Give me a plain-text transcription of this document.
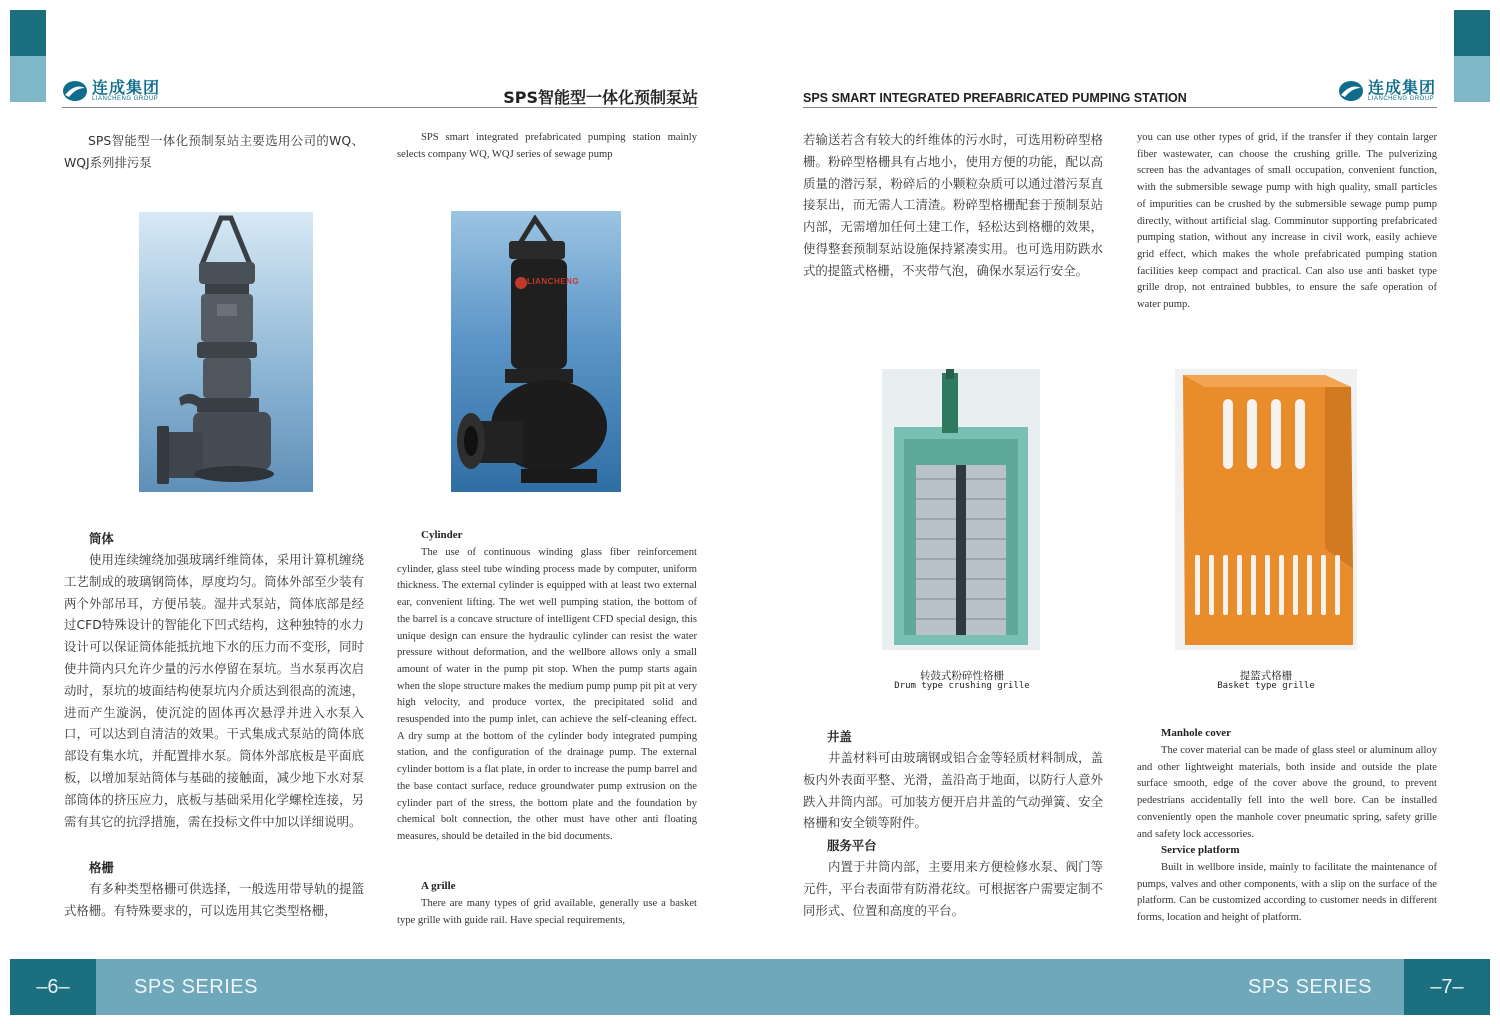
连成集团
LIANCHENG GROUP	SPS智能型一体化预制泵站	SPS SMART INTEGRATED PREFABRICATED PUMPING STATION
连成集团
LIANCHENG GROUP
SPS智能型一体化预制泵站主要选用公司的WQ、WQJ系列排污泵
SPS smart integrated prefabricated pumping station mainly selects company WQ, WQJ series of sewage pump
LIANCHENG
筒体
使用连续缠绕加强玻璃纤维筒体，采用计算机缠绕工艺制成的玻璃钢筒体，厚度均匀。筒体外部至少装有两个外部吊耳，方便吊装。湿井式泵站，筒体底部是经过CFD特殊设计的智能化下凹式结构，这种独特的水力设计可以保证筒体能抵抗地下水的压力而不变形，同时使井筒内只允许少量的污水停留在泵坑。当水泵再次启动时，泵坑的坡面结构使泵坑内介质达到很高的流速，进而产生漩涡，使沉淀的固体再次悬浮并进入水泵入口，可以达到自清洁的效果。干式集成式泵站的筒体底部设有集水坑，并配置排水泵。筒体外部底板是平面底板，以增加泵站筒体与基础的接触面，减少地下水对泵部筒体的挤压应力，底板与基础采用化学螺栓连接，另需有其它的抗浮措施，需在投标文件中加以详细说明。
格栅
有多种类型格栅可供选择，一般选用带导轨的提篮式格栅。有特殊要求的，可以选用其它类型格栅，
Cylinder
The use of continuous winding glass fiber reinforcement cylinder, glass steel tube winding process made by computer, uniform thickness. The external cylinder is equipped with at least two external ear, convenient lifting. The wet well pumping station, the bottom of the barrel is a concave structure of intelligent CFD special design, this unique design can ensure the hydraulic cylinder can resist the water pressure without deformation, and the wellbore allows only a small amount of water in the pump pit stop. When the pump starts again when the slope structure makes the medium pump pump pit pit at very high velocity, and produce vortex, the precipitated solid and resuspended into the pump inlet, can achieve the self-cleaning effect. A dry sump at the bottom of the cylinder body integrated pumping station, and the configuration of the drainage pump. The external cylinder bottom is a flat plate, in order to increase the pump barrel and the base contact surface, reduce groundwater pump extrusion on the cylinder part of the stress, the bottom plate and the foundation by chemical bolt connection, the other must have other anti floating measures, should be detailed in the bid documents.
A grille
There are many types of grid available, generally use a basket type grille with guide rail. Have special requirements,
若输送若含有较大的纤维体的污水时，可选用粉碎型格栅。粉碎型格栅具有占地小，使用方便的功能，配以高质量的潜污泵，粉碎后的小颗粒杂质可以通过潜污泵直接泵出，而无需人工清渣。粉碎型格栅配套于预制泵站内部，无需增加任何土建工作，轻松达到格栅的效果，使得整套预制泵站设施保持紧凑实用。也可选用防跌水式的提篮式格栅，不夹带气泡，确保水泵运行安全。
you can use other types of grid, if the transfer if they contain larger fiber wastewater, can choose the crushing grille. The pulverizing screen has the advantages of small occupation, convenient function, with the submersible sewage pump with high quality, small particles of impurities can be crushed by the submersible sewage pump pump directly, without artificial slag. Comminutor supporting prefabricated pumping station, without any increase in civil work, easily achieve grid effect, which makes the whole prefabricated pumping station facilities keep compact and practical. Can also use anti basket type grille drop, not entrained bubbles, to ensure the safe operation of water pump.
转鼓式粉碎性格栅
Drum type crushing grille
提篮式格栅
Basket type grille
井盖
井盖材料可由玻璃钢或铝合金等轻质材料制成，盖板内外表面平整、光滑，盖沿高于地面，以防行人意外跌入井筒内部。可加装方便开启井盖的气动弹簧、安全格栅和安全锁等附件。
服务平台
内置于井筒内部，主要用来方便检修水泵、阀门等元件，平台表面带有防滑花纹。可根据客户需要定制不同形式、位置和高度的平台。
Manhole cover
The cover material can be made of glass steel or aluminum alloy and other lightweight materials, both inside and outside the plate surface smooth, edge of the cover above the ground, to prevent pedestrians accidentally fell into the well bore. Can be installed conveniently open the manhole cover pneumatic spring, safety grille and safety lock accessories.
Service platform
Built in wellbore inside, mainly to facilitate the maintenance of pumps, valves and other components, with a slip on the surface of the platform. Can be customized according to customer needs in different forms, location and height of platform.
–6–	SPS SERIES	SPS SERIES	–7–
